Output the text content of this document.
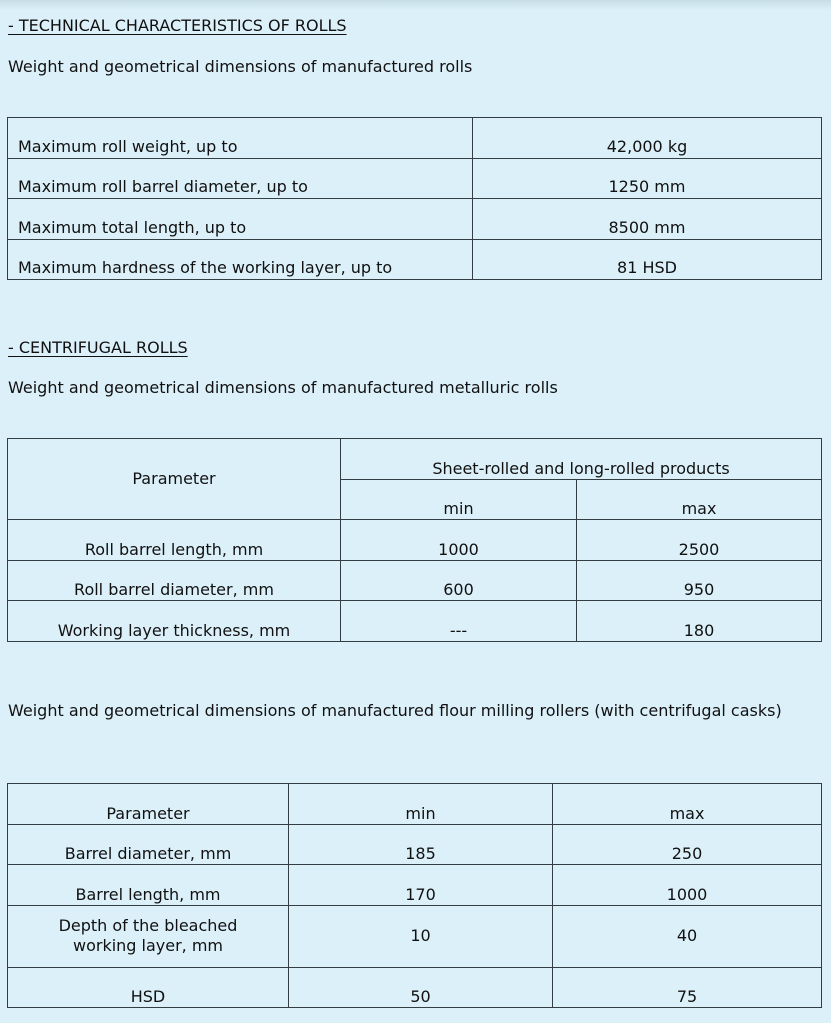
- TECHNICAL CHARACTERISTICS OF ROLLS

Weight and geometrical dimensions of manufactured rolls

Maximum roll weight, up to	42,000 kg
Maximum roll barrel diameter, up to	1250 mm
Maximum total length, up to	8500 mm
Maximum hardness of the working layer, up to	81 HSD
- CENTRIFUGAL ROLLS

Weight and geometrical dimensions of manufactured metalluric rolls

Parameter	Sheet-rolled and long-rolled products	
	min	max
Roll barrel length, mm	1000	2500
Roll barrel diameter, mm	600	950
Working layer thickness, mm	---	180

Weight and geometrical dimensions of manufactured flour milling rollers (with centrifugal casks)

Parameter	min	max
Barrel diameter, mm	185	250
Barrel length, mm	170	1000
Depth of the bleached working layer, mm	10	40
HSD	50	75
